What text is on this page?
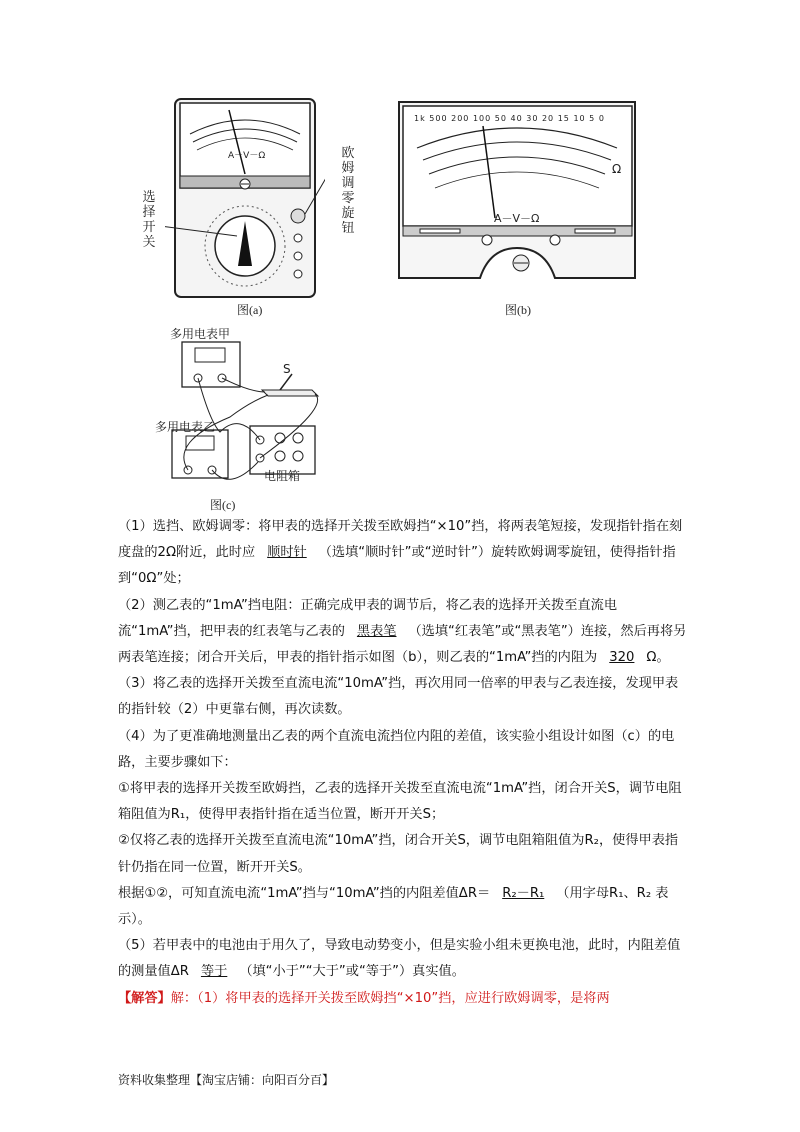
A－V－Ω
选
择
开
关
欧
姆
调
零
旋
钮
图(a)
1k 500 200 100 50 40 30 20 15 10 5 0
Ω
A－V－Ω
图(b)
多用电表甲
S
多用电表乙
电阻箱
图(c)

（1）选挡、欧姆调零：将甲表的选择开关拨至欧姆挡“×10”挡，将两表笔短接，发现指针指在刻度盘的2Ω附近，此时应 顺时针 （选填“顺时针”或“逆时针”）旋转欧姆调零旋钮，使得指针指到“0Ω”处；

（2）测乙表的“1mA”挡电阻：正确完成甲表的调节后，将乙表的选择开关拨至直流电流“1mA”挡，把甲表的红表笔与乙表的 黑表笔 （选填“红表笔”或“黑表笔”）连接，然后再将另两表笔连接；闭合开关后，甲表的指针指示如图（b），则乙表的“1mA”挡的内阻为 320 Ω。

（3）将乙表的选择开关拨至直流电流“10mA”挡，再次用同一倍率的甲表与乙表连接，发现甲表的指针较（2）中更靠右侧，再次读数。

（4）为了更准确地测量出乙表的两个直流电流挡位内阻的差值，该实验小组设计如图（c）的电路，主要步骤如下：

①将甲表的选择开关拨至欧姆挡，乙表的选择开关拨至直流电流“1mA”挡，闭合开关S，调节电阻箱阻值为R₁，使得甲表指针指在适当位置，断开开关S；

②仅将乙表的选择开关拨至直流电流“10mA”挡，闭合开关S，调节电阻箱阻值为R₂，使得甲表指针仍指在同一位置，断开开关S。

根据①②，可知直流电流“1mA”挡与“10mA”挡的内阻差值ΔR＝ R₂－R₁ （用字母R₁、R₂ 表示）。

（5）若甲表中的电池由于用久了，导致电动势变小，但是实验小组未更换电池，此时，内阻差值的测量值ΔR 等于 （填“小于”“大于”或“等于”）真实值。

【解答】解：（1）将甲表的选择开关拨至欧姆挡“×10”挡，应进行欧姆调零，是将两

资料收集整理【淘宝店铺：向阳百分百】
